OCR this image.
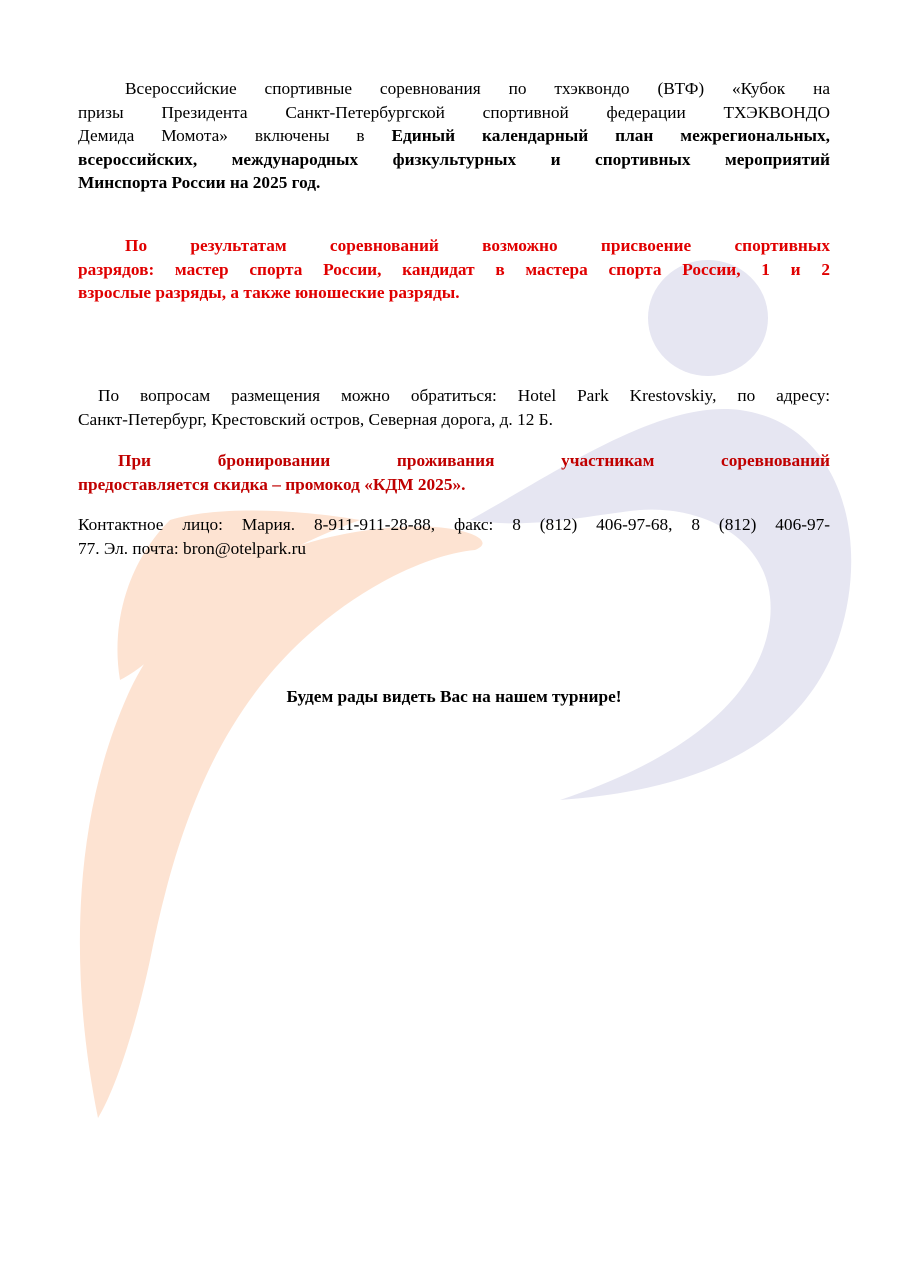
Всероссийские спортивные соревнования по тхэквондо (ВТФ) «Кубок на
призы Президента Санкт-Петербургской спортивной федерации ТХЭКВОНДО
Демида Момота» включены в Единый календарный план межрегиональных,
всероссийских, международных физкультурных и спортивных мероприятий
Минспорта России на 2025 год.

По результатам соревнований возможно присвоение спортивных
разрядов: мастер спорта России, кандидат в мастера спорта России, 1 и 2
взрослые разряды, а также юношеские разряды.

По вопросам размещения можно обратиться: Hotel Park Krestovskiy, по адресу:
Санкт-Петербург, Крестовский остров, Северная дорога, д. 12 Б.

При бронировании проживания участникам соревнований
предоставляется скидка – промокод «КДМ 2025».

Контактное лицо: Мария. 8-911-911-28-88, факс: 8 (812) 406-97-68, 8 (812) 406-97-
77. Эл. почта: bron@otelpark.ru

Будем рады видеть Вас на нашем турнире!
